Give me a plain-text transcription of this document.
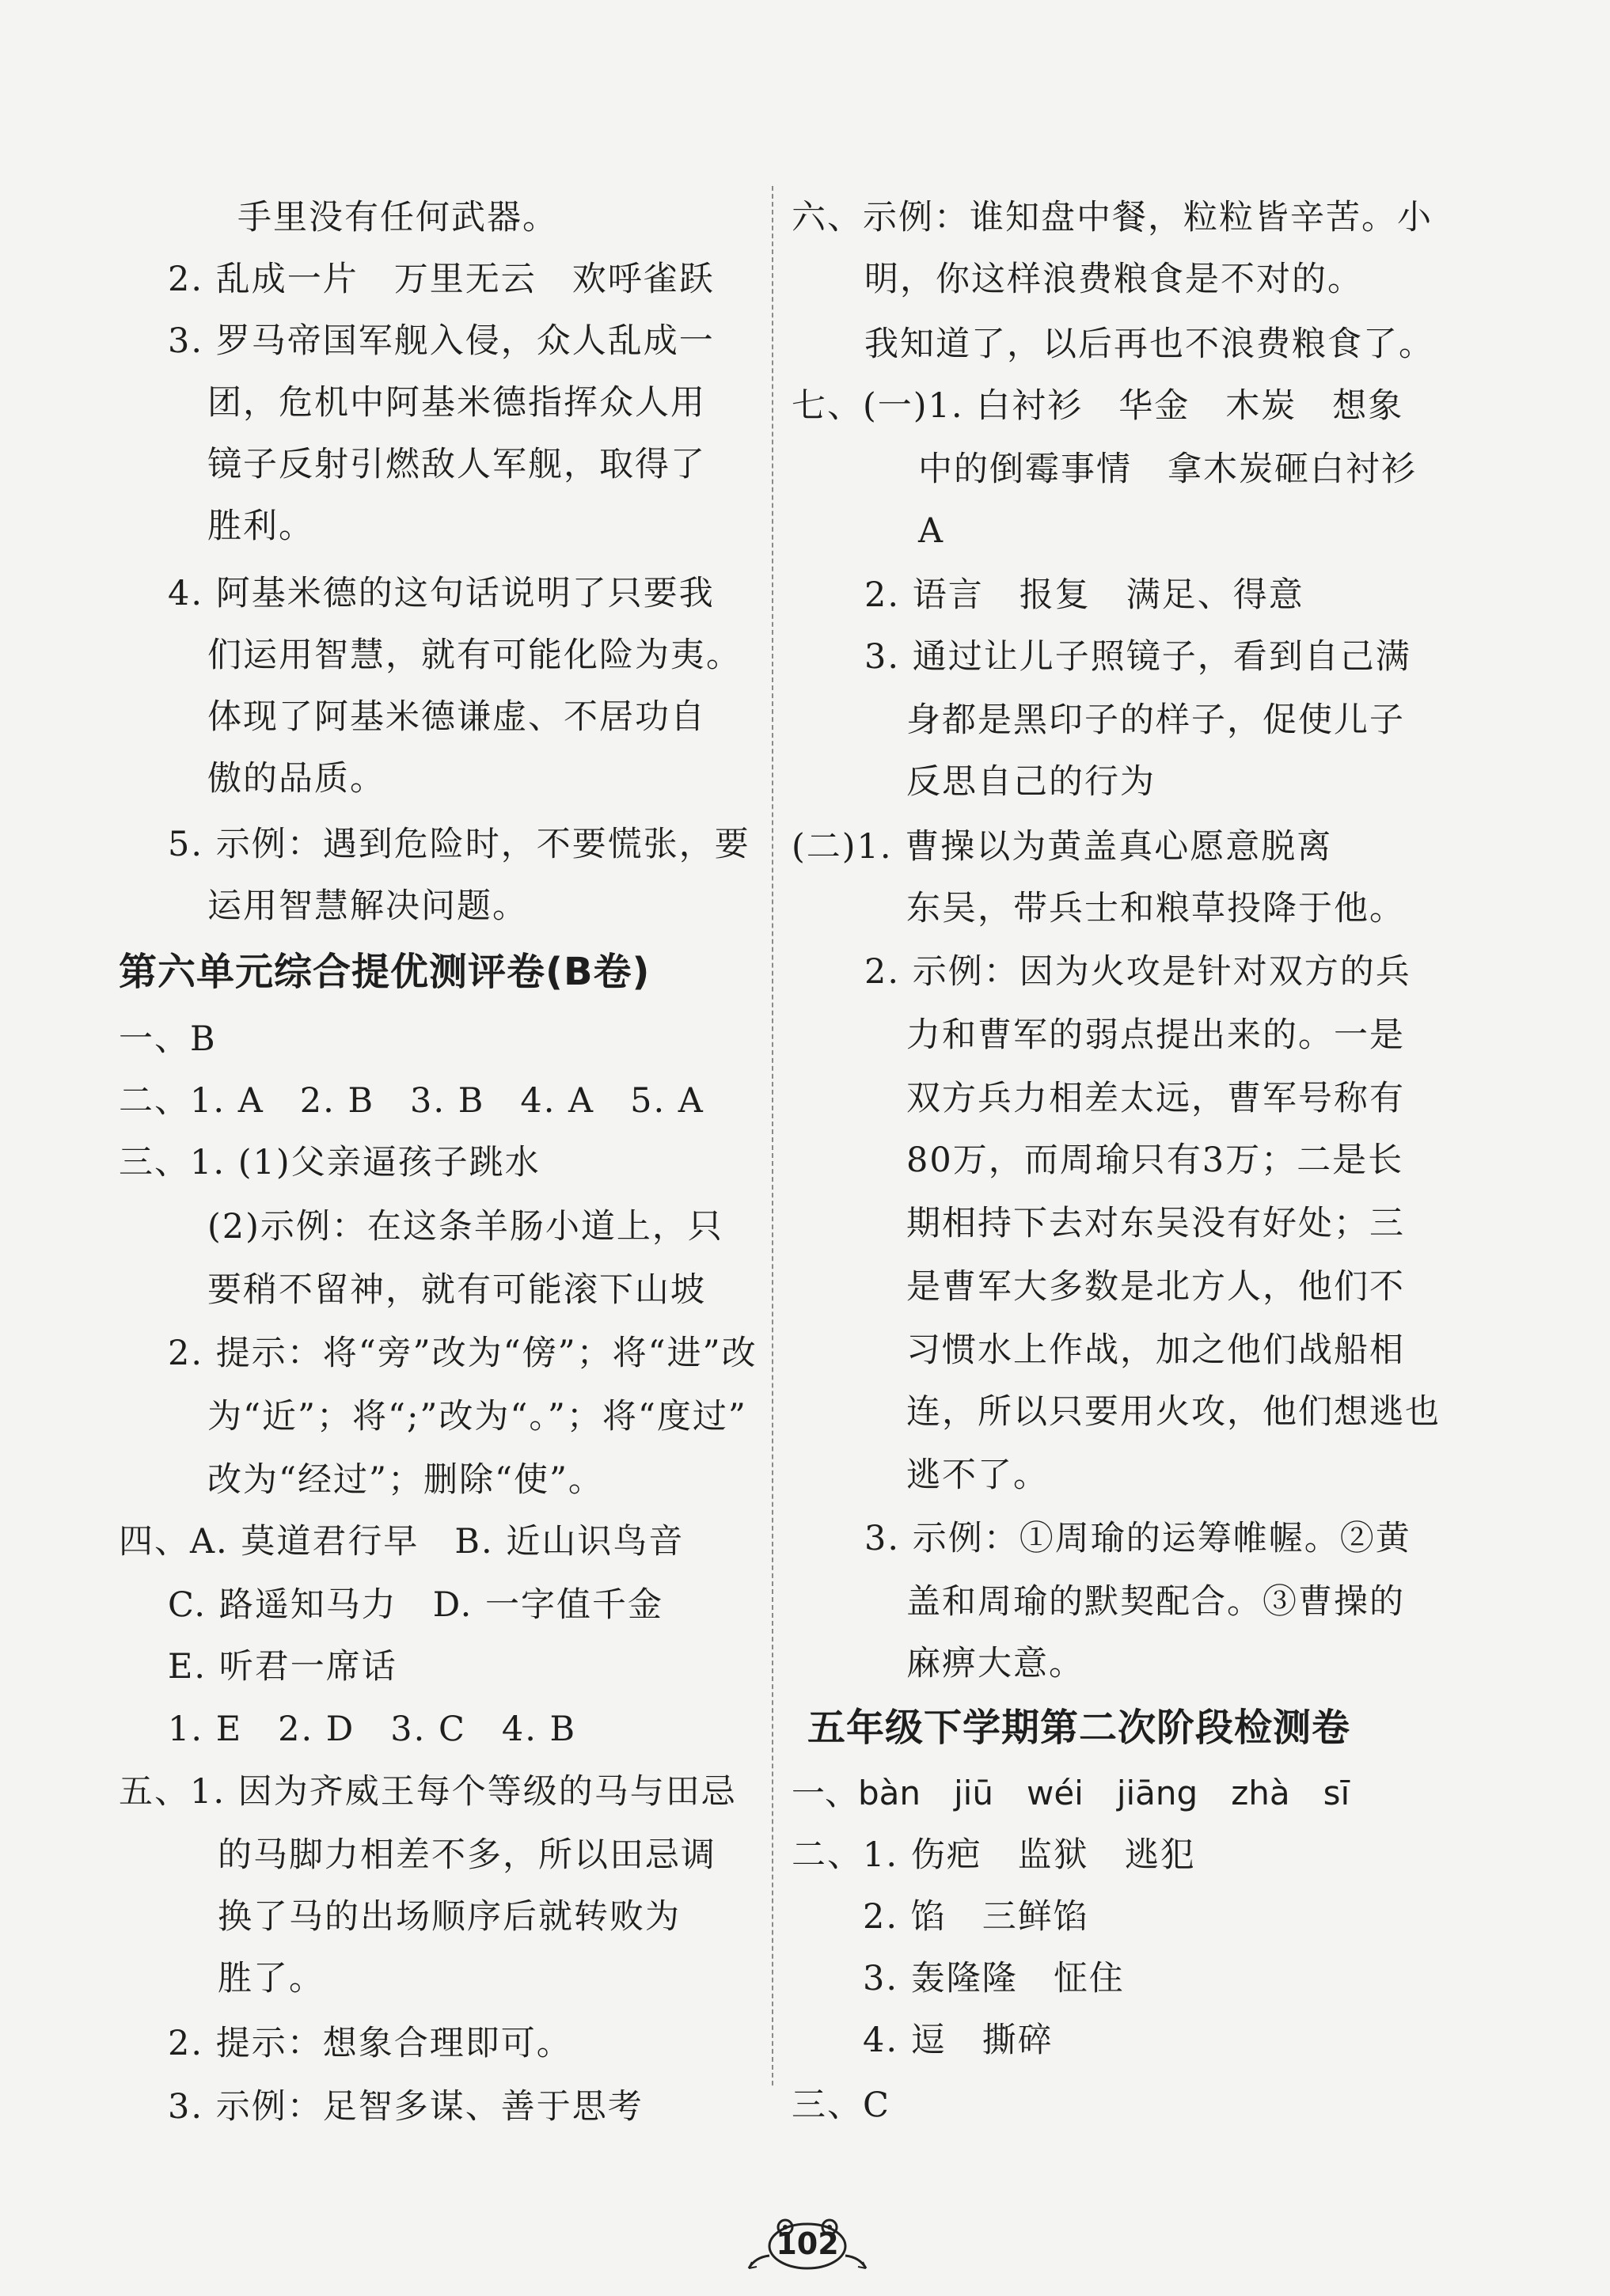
手里没有任何武器。
2. 乱成一片　万里无云　欢呼雀跃
3. 罗马帝国军舰入侵，众人乱成一
团，危机中阿基米德指挥众人用
镜子反射引燃敌人军舰，取得了
胜利。
4. 阿基米德的这句话说明了只要我
们运用智慧，就有可能化险为夷。
体现了阿基米德谦虚、不居功自
傲的品质。
5. 示例：遇到危险时，不要慌张，要
运用智慧解决问题。
第六单元综合提优测评卷(B卷)
一、B
二、1. A　2. B　3. B　4. A　5. A
三、1. (1)父亲逼孩子跳水
(2)示例：在这条羊肠小道上，只
要稍不留神，就有可能滚下山坡
2. 提示：将“旁”改为“傍”；将“进”改
为“近”；将“;”改为“。”；将“度过”
改为“经过”；删除“使”。
四、A. 莫道君行早　B. 近山识鸟音
C. 路遥知马力　D. 一字值千金
E. 听君一席话
1. E　2. D　3. C　4. B
五、1. 因为齐威王每个等级的马与田忌
的马脚力相差不多，所以田忌调
换了马的出场顺序后就转败为
胜了。
2. 提示：想象合理即可。
3. 示例：足智多谋、善于思考
六、示例：谁知盘中餐，粒粒皆辛苦。小
明，你这样浪费粮食是不对的。
我知道了，以后再也不浪费粮食了。
七、(一)1. 白衬衫　华金　木炭　想象
中的倒霉事情　拿木炭砸白衬衫
A
2. 语言　报复　满足、得意
3. 通过让儿子照镜子，看到自己满
身都是黑印子的样子，促使儿子
反思自己的行为
(二)1. 曹操以为黄盖真心愿意脱离
东吴，带兵士和粮草投降于他。
2. 示例：因为火攻是针对双方的兵
力和曹军的弱点提出来的。一是
双方兵力相差太远，曹军号称有
80万，而周瑜只有3万；二是长
期相持下去对东吴没有好处；三
是曹军大多数是北方人，他们不
习惯水上作战，加之他们战船相
连，所以只要用火攻，他们想逃也
逃不了。
3. 示例：①周瑜的运筹帷幄。②黄
盖和周瑜的默契配合。③曹操的
麻痹大意。
五年级下学期第二次阶段检测卷
一、bàn　jiū　wéi　jiāng　zhà　sī
二、1. 伤疤　监狱　逃犯
2. 馅　三鲜馅
3. 轰隆隆　怔住
4. 逗　撕碎
三、C
102
